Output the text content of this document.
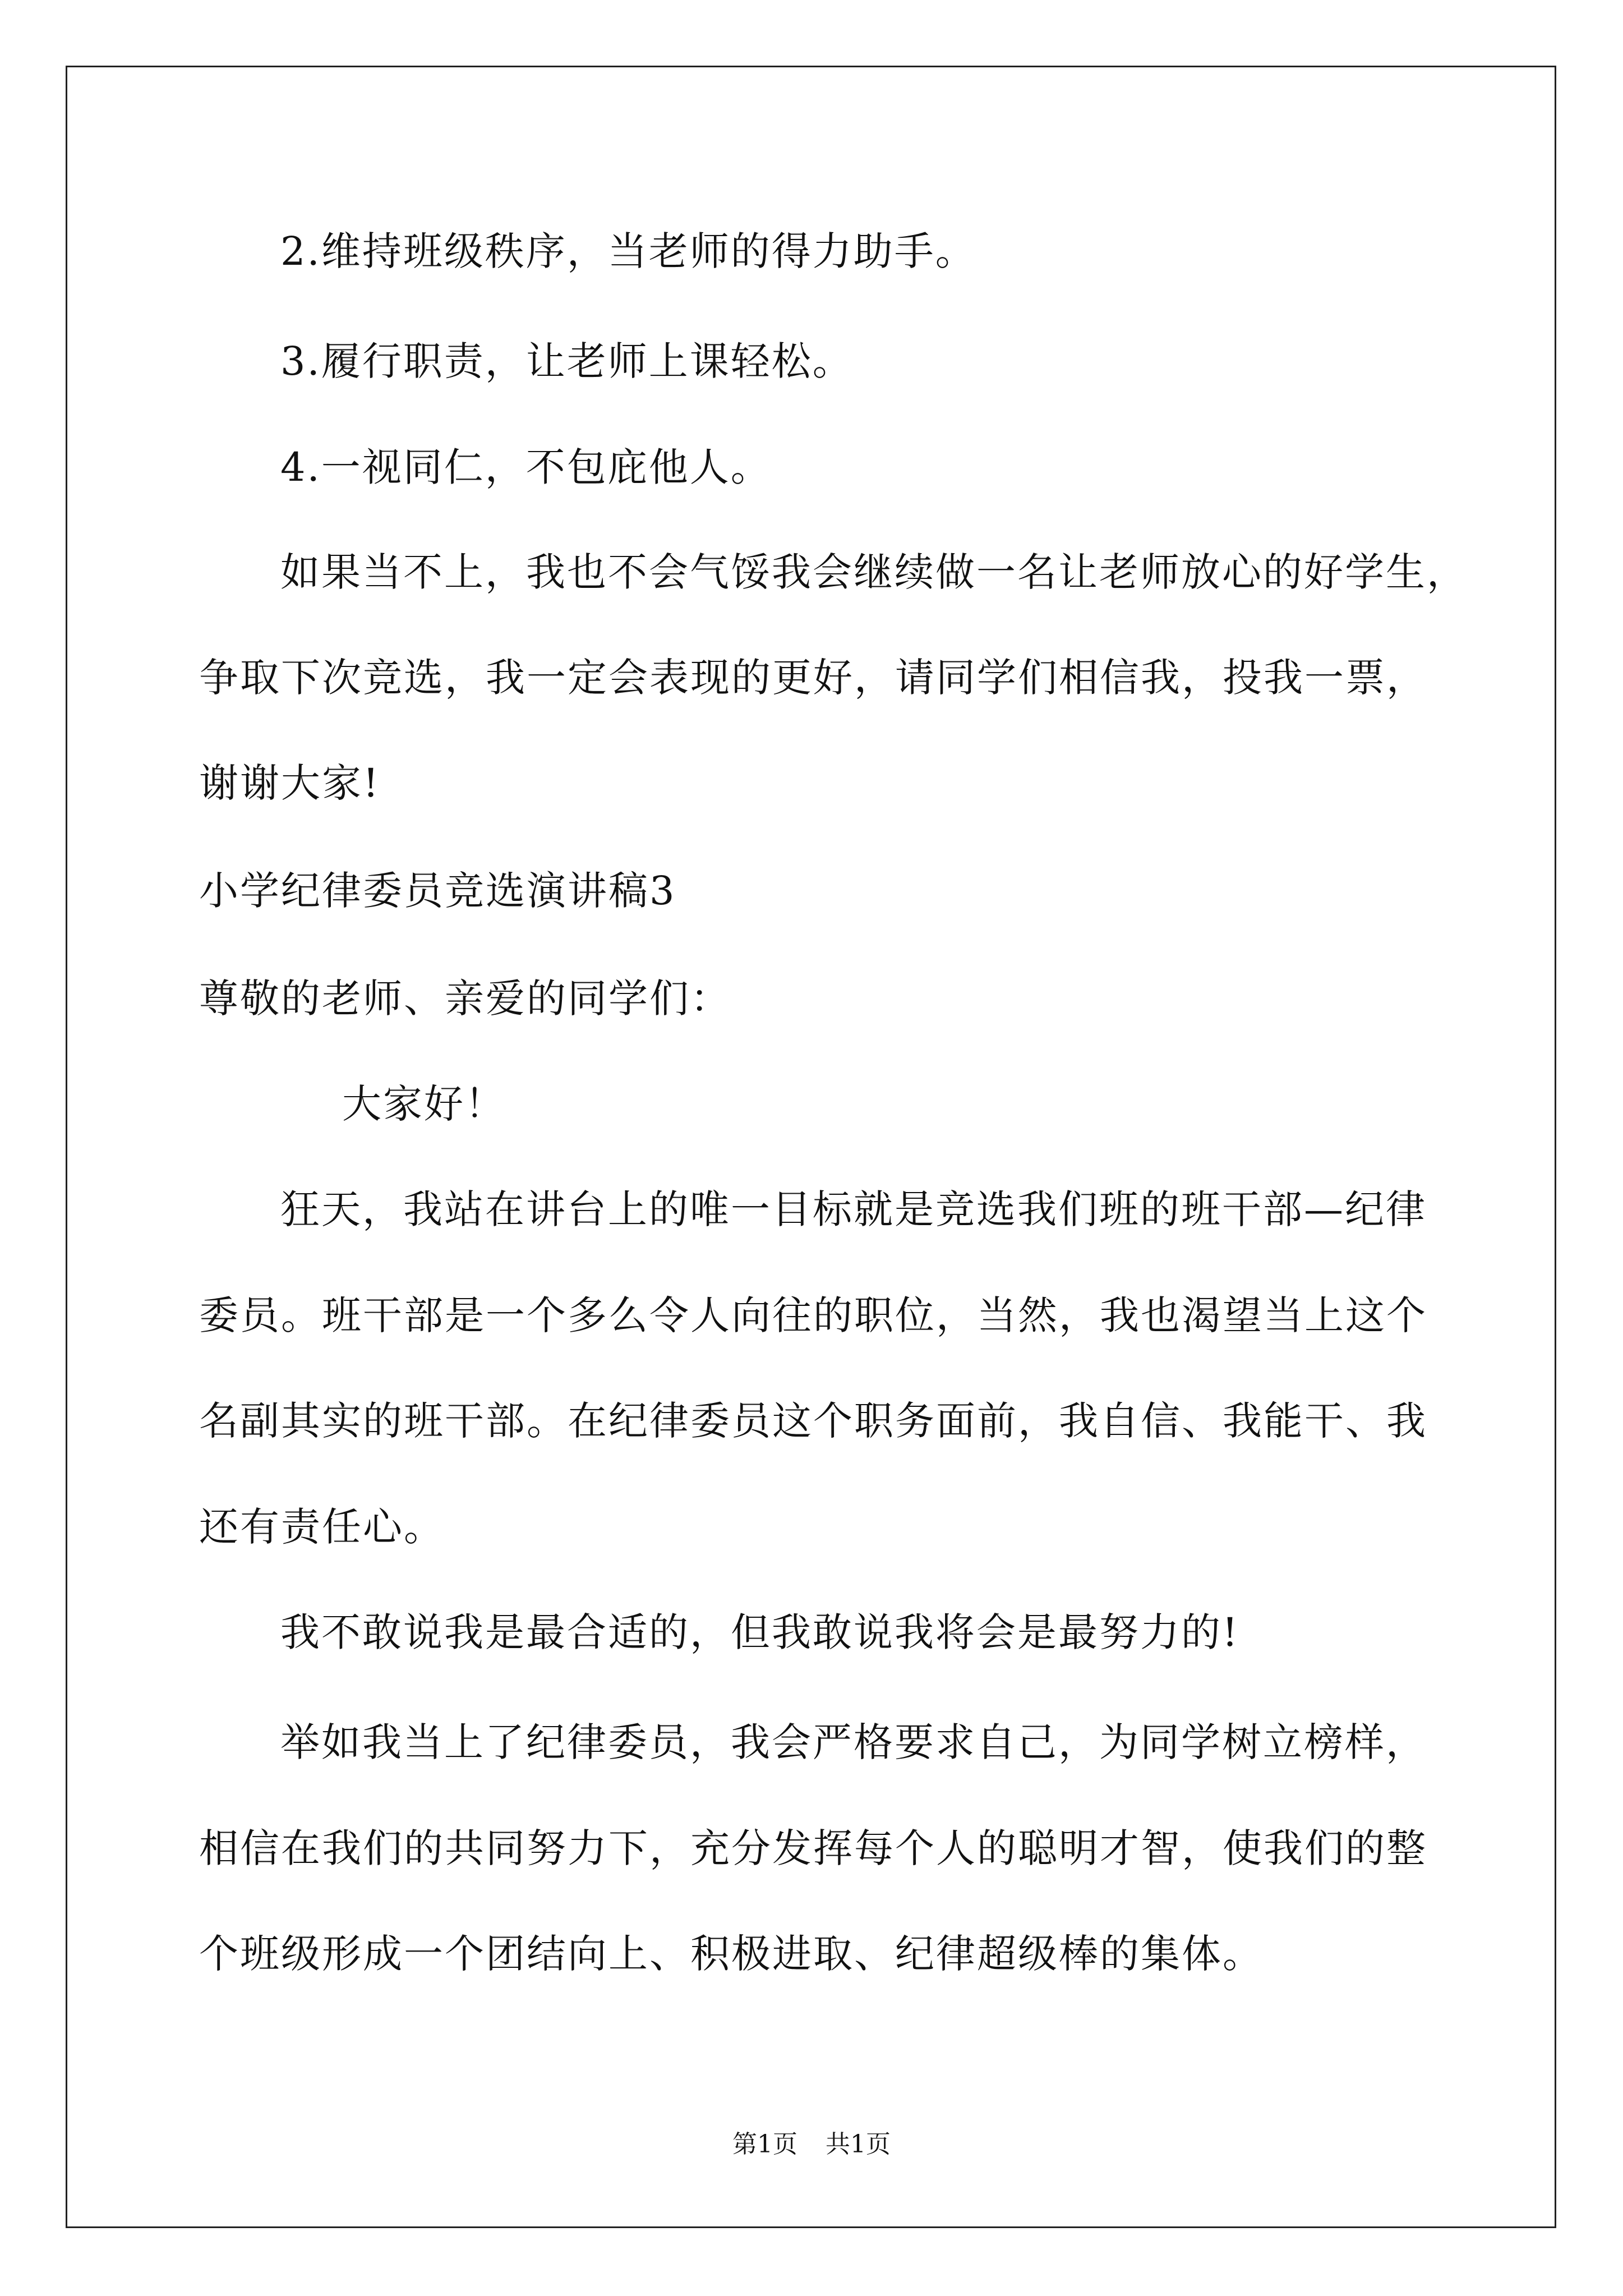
2.维持班级秩序，当老师的得力助手。
3.履行职责，让老师上课轻松。
4.一视同仁，不包庇他人。
如果当不上，我也不会气馁我会继续做一名让老师放心的好学生，
争取下次竞选，我一定会表现的更好，请同学们相信我，投我一票，
谢谢大家!
小学纪律委员竞选演讲稿3
尊敬的老师、亲爱的同学们：
大家好！
狂天，我站在讲台上的唯一目标就是竞选我们班的班干部—纪律
委员。班干部是一个多么令人向往的职位，当然，我也渴望当上这个
名副其实的班干部。在纪律委员这个职务面前，我自信、我能干、我
还有责任心。
我不敢说我是最合适的，但我敢说我将会是最努力的!
举如我当上了纪律委员，我会严格要求自己，为同学树立榜样，
相信在我们的共同努力下，充分发挥每个人的聪明才智，使我们的整
个班级形成一个团结向上、积极进取、纪律超级棒的集体。
第1页 共1页
